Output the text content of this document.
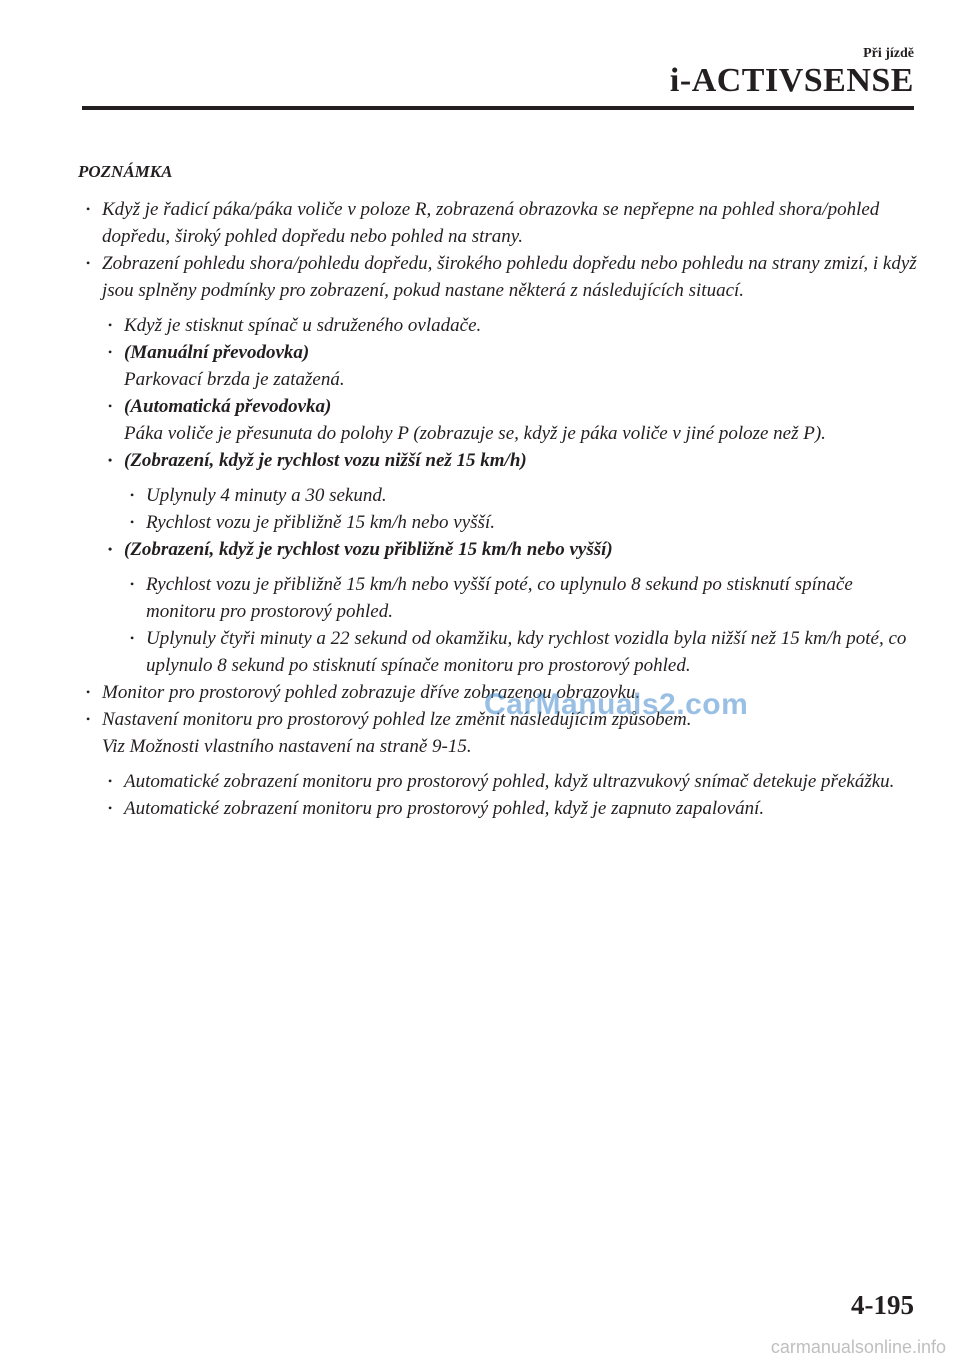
Při jízdě
i-ACTIVSENSE
POZNÁMKA
• Když je řadicí páka/páka voliče v poloze R, zobrazená obrazovka se nepřepne na pohled shora/pohled dopředu, široký pohled dopředu nebo pohled na strany.
• Zobrazení pohledu shora/pohledu dopředu, širokého pohledu dopředu nebo pohledu na strany zmizí, i když jsou splněny podmínky pro zobrazení, pokud nastane některá z následujících situací.
• Když je stisknut spínač u sdruženého ovladače.
• (Manuální převodovka)
Parkovací brzda je zatažená.
• (Automatická převodovka)
Páka voliče je přesunuta do polohy P (zobrazuje se, když je páka voliče v jiné poloze než P).
• (Zobrazení, když je rychlost vozu nižší než 15 km/h)
• Uplynuly 4 minuty a 30 sekund.
• Rychlost vozu je přibližně 15 km/h nebo vyšší.
• (Zobrazení, když je rychlost vozu přibližně 15 km/h nebo vyšší)
• Rychlost vozu je přibližně 15 km/h nebo vyšší poté, co uplynulo 8 sekund po stisknutí spínače monitoru pro prostorový pohled.
• Uplynuly čtyři minuty a 22 sekund od okamžiku, kdy rychlost vozidla byla nižší než 15 km/h poté, co uplynulo 8 sekund po stisknutí spínače monitoru pro prostorový pohled.
• Monitor pro prostorový pohled zobrazuje dříve zobrazenou obrazovku.
• Nastavení monitoru pro prostorový pohled lze změnit následujícím způsobem.
Viz Možnosti vlastního nastavení na straně 9-15.
• Automatické zobrazení monitoru pro prostorový pohled, když ultrazvukový snímač detekuje překážku.
• Automatické zobrazení monitoru pro prostorový pohled, když je zapnuto zapalování.
CarManuals2.com
4-195
carmanualsonline.info
